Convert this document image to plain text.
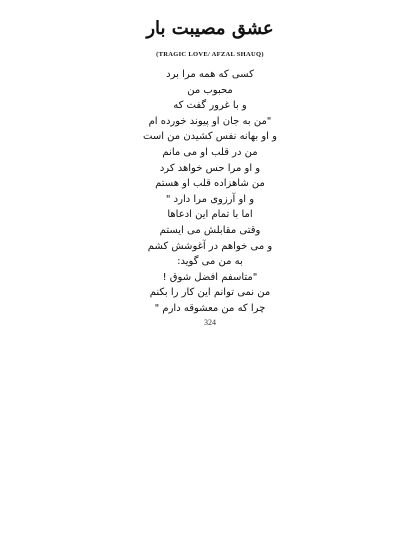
عشق مصیبت بار
(TRAGIC LOVE/ AFZAL SHAUQ)
کسی که همه مرا برد
محبوب من
و با غرور گفت که
"من به جان او پیوند خورده ام
و او بهانه نفس کشیدن من است
من در قلب او می مانم
و او مرا حس خواهد کرد
من شاهزاده قلب او هستم
و او آرزوی مرا دارد "
اما با تمام این ادعاها
وقتی مقابلش می ایستم
و می خواهم در آغوشش کشم
به من می گوید:
"متاسفم افضل شوق !
من نمی توانم این کار را بکنم
چرا که من معشوقه دارم "
324
